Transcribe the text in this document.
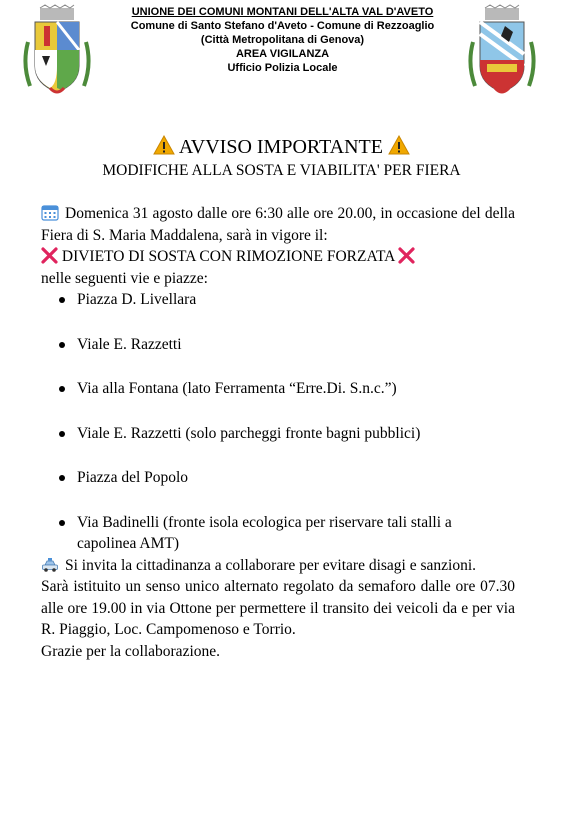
UNIONE DEI COMUNI MONTANI DELL'ALTA VAL D'AVETO
Comune di Santo Stefano d'Aveto - Comune di Rezzoaglio
(Città Metropolitana di Genova)
AREA VIGILANZA
Ufficio Polizia Locale
AVVISO IMPORTANTE
MODIFICHE ALLA SOSTA E VIABILITA' PER FIERA

Domenica 31 agosto dalle ore 6:30 alle ore 20.00, in occasione del della Fiera di S. Maria Maddalena, sarà in vigore il:

DIVIETO DI SOSTA CON RIMOZIONE FORZATA

nelle seguenti vie e piazze:

Piazza D. Livellara
Viale E. Razzetti
Via alla Fontana (lato Ferramenta “Erre.Di. S.n.c.”)
Viale E. Razzetti (solo parcheggi fronte bagni pubblici)
Piazza del Popolo
Via Badinelli (fronte isola ecologica per riservare tali stalli a capolinea AMT)

Si invita la cittadinanza a collaborare per evitare disagi e sanzioni.

Sarà istituito un senso unico alternato regolato da semaforo dalle ore 07.30 alle ore 19.00 in via Ottone per permettere il transito dei veicoli da e per via R. Piaggio, Loc. Campomenoso e Torrio.

Grazie per la collaborazione.
